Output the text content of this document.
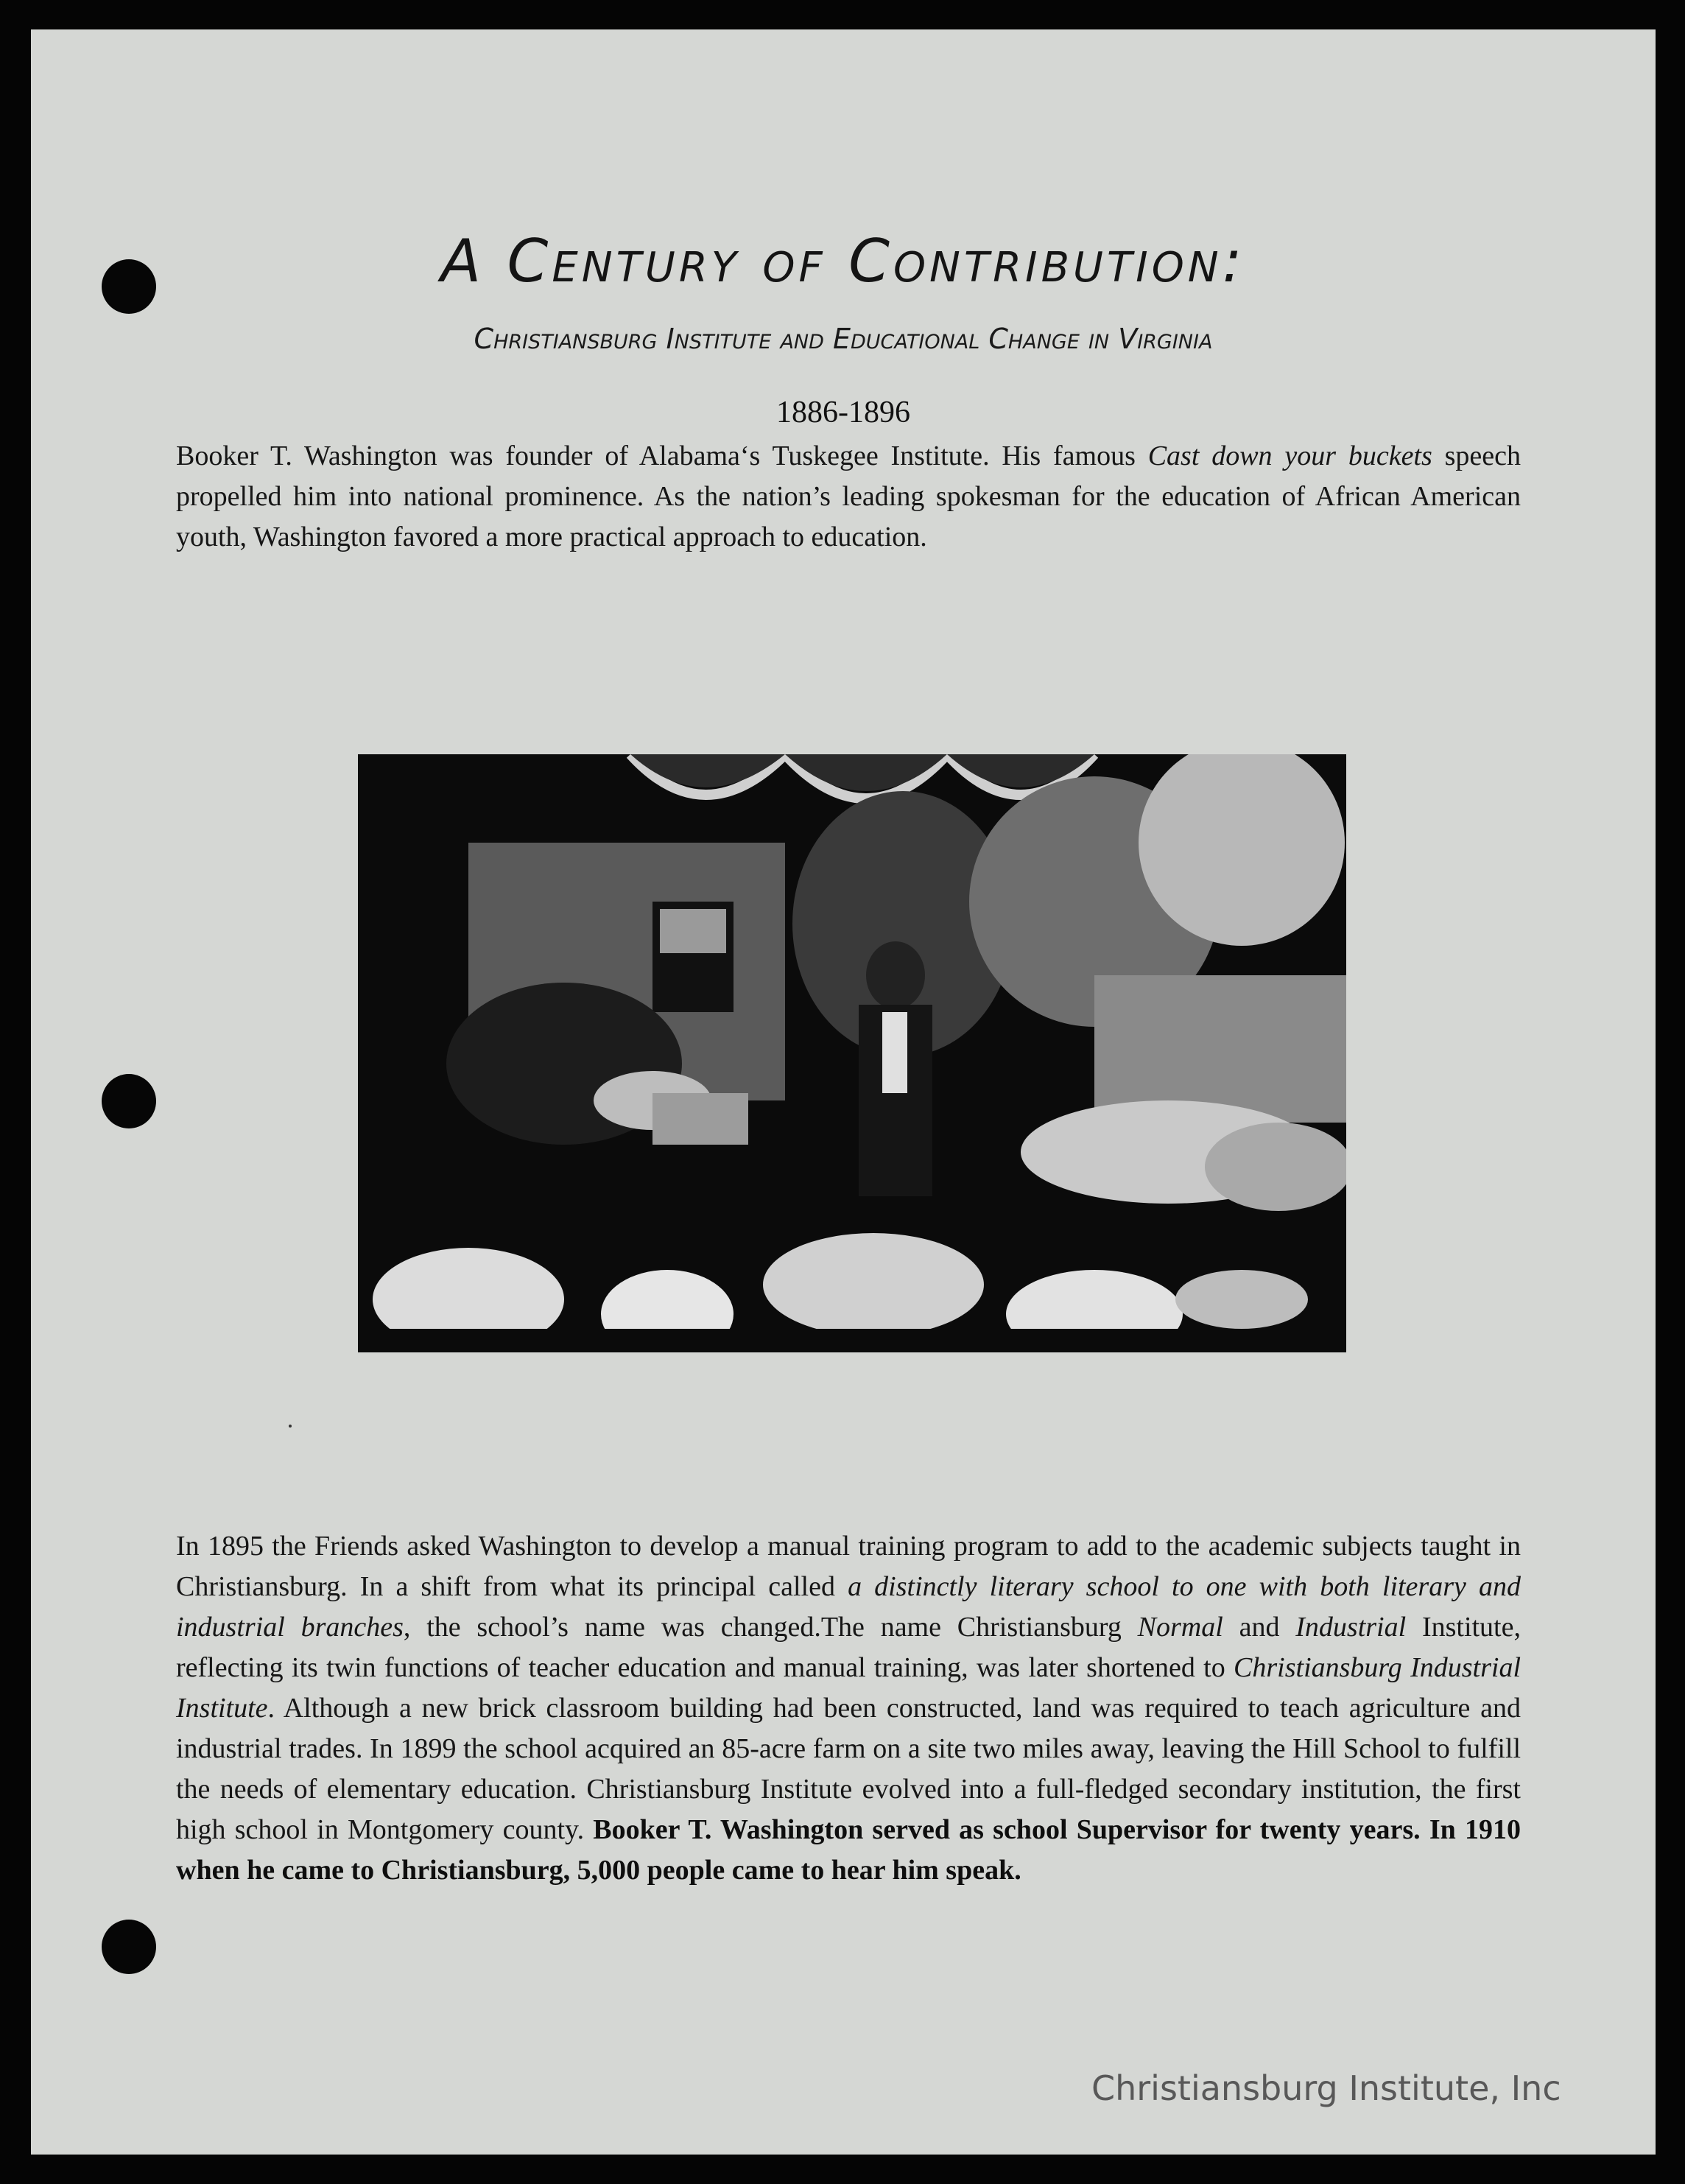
A Century of Contribution:
Christiansburg Institute and Educational Change in Virginia
1886-1896
Booker T. Washington was founder of Alabama‘s Tuskegee Institute. His famous Cast down your buckets speech propelled him into national prominence. As the nation’s leading spokesman for the education of African American youth, Washington favored a more practical approach to education.
In 1895 the Friends asked Washington to develop a manual training program to add to the academic subjects taught in Christiansburg. In a shift from what its principal called a distinctly literary school to one with both literary and industrial branches, the school’s name was changed.The name Christiansburg Normal and Industrial Institute, reflecting its twin functions of teacher education and manual training, was later shortened to Christiansburg Industrial Institute. Although a new brick classroom building had been constructed, land was required to teach agriculture and industrial trades. In 1899 the school acquired an 85-acre farm on a site two miles away, leaving the Hill School to fulfill the needs of elementary education. Christiansburg Institute evolved into a full-fledged secondary institution, the first high school in Montgomery county. Booker T. Washington served as school Supervisor for twenty years. In 1910 when he came to Christiansburg, 5,000 people came to hear him speak.
Christiansburg Institute, Inc
